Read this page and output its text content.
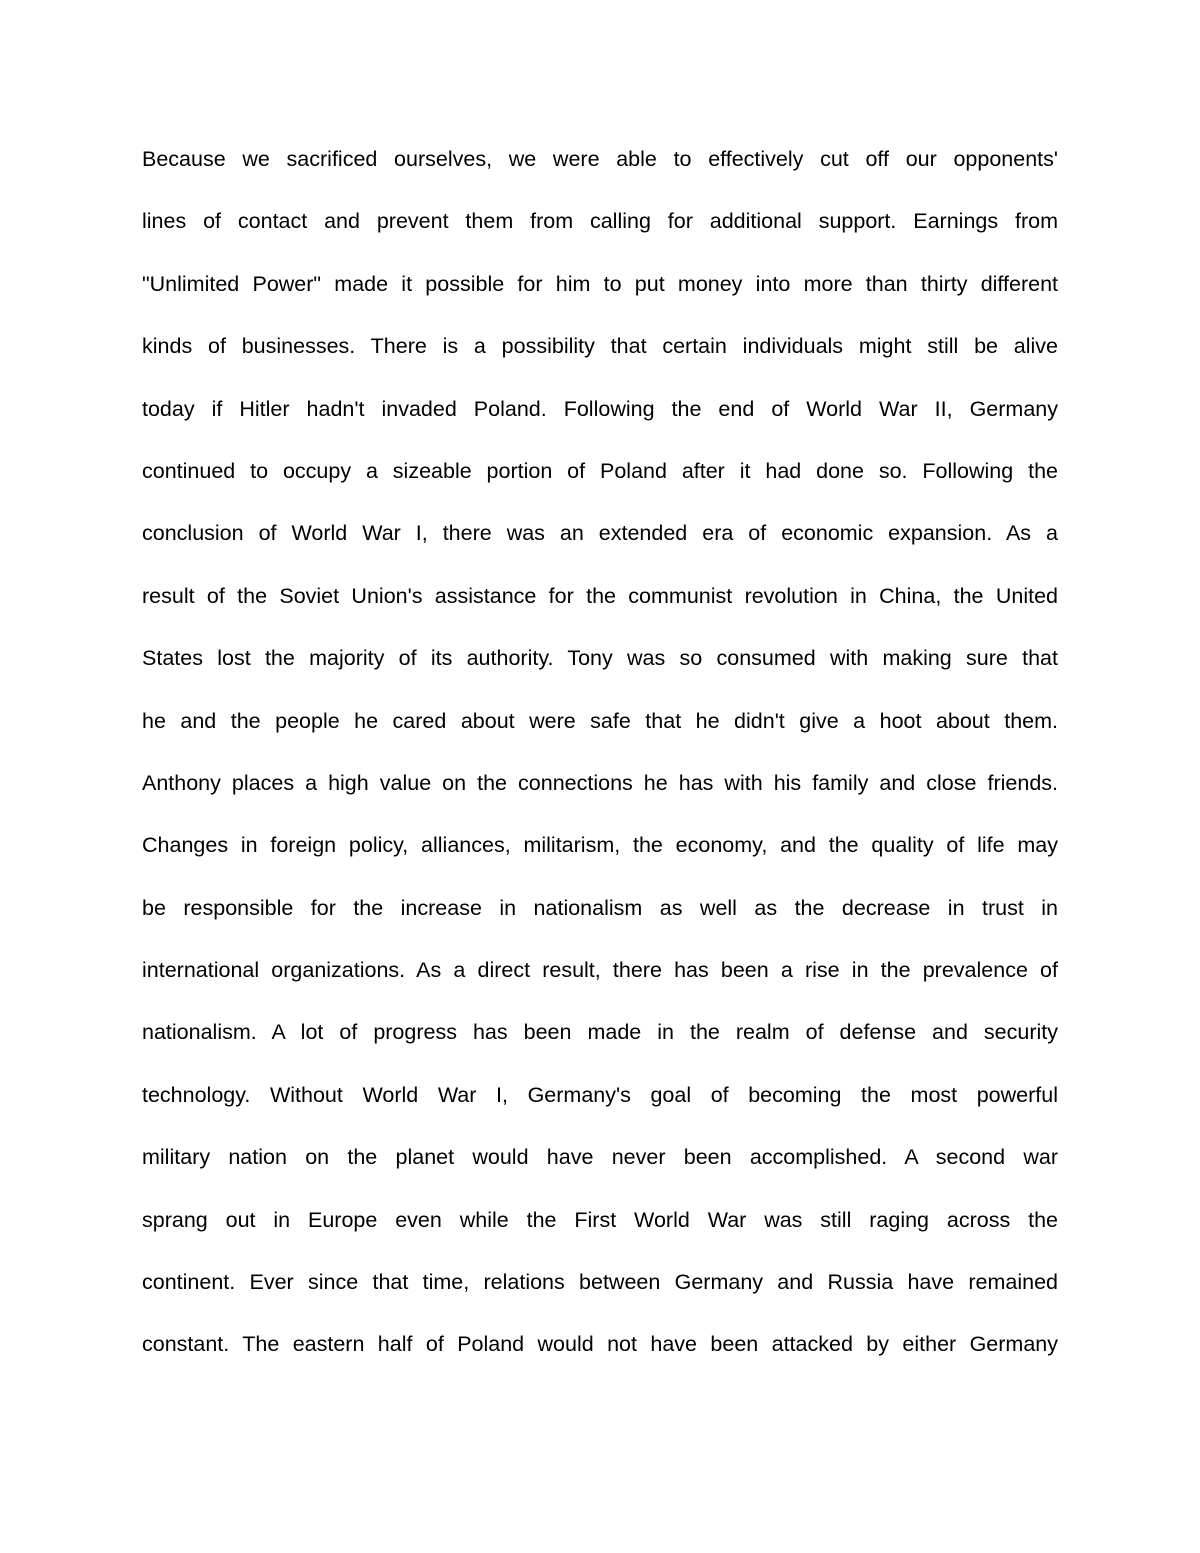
Because we sacrificed ourselves, we were able to effectively cut off our opponents'
lines of contact and prevent them from calling for additional support. Earnings from
"Unlimited Power" made it possible for him to put money into more than thirty different
kinds of businesses. There is a possibility that certain individuals might still be alive
today if Hitler hadn't invaded Poland. Following the end of World War II, Germany
continued to occupy a sizeable portion of Poland after it had done so. Following the
conclusion of World War I, there was an extended era of economic expansion. As a
result of the Soviet Union's assistance for the communist revolution in China, the United
States lost the majority of its authority. Tony was so consumed with making sure that
he and the people he cared about were safe that he didn't give a hoot about them.
Anthony places a high value on the connections he has with his family and close friends.
Changes in foreign policy, alliances, militarism, the economy, and the quality of life may
be responsible for the increase in nationalism as well as the decrease in trust in
international organizations. As a direct result, there has been a rise in the prevalence of
nationalism. A lot of progress has been made in the realm of defense and security
technology. Without World War I, Germany's goal of becoming the most powerful
military nation on the planet would have never been accomplished. A second war
sprang out in Europe even while the First World War was still raging across the
continent. Ever since that time, relations between Germany and Russia have remained
constant. The eastern half of Poland would not have been attacked by either Germany
